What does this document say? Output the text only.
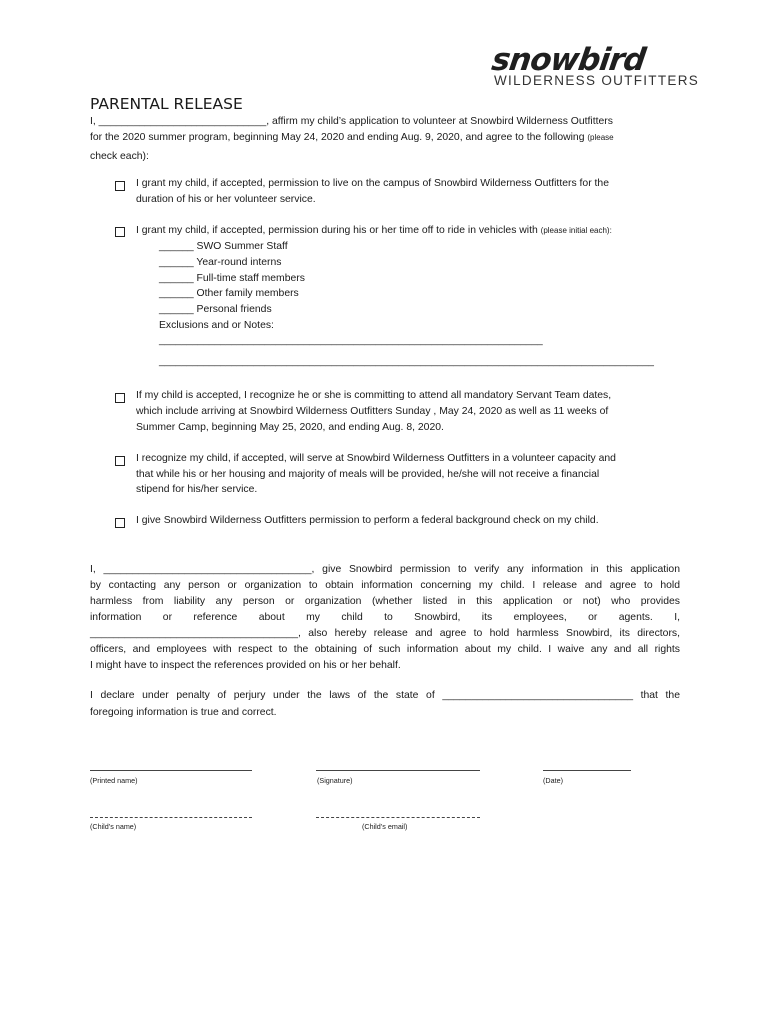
snowbird
WILDERNESS OUTFITTERS
PARENTAL RELEASE
I, _____________________________, affirm my child’s application to volunteer at Snowbird Wilderness Outfitters
for the 2020 summer program, beginning May 24, 2020 and ending Aug. 9, 2020, and agree to the following (please
check each):
I grant my child, if accepted, permission to live on the campus of Snowbird Wilderness Outfitters for the
duration of his or her volunteer service.
I grant my child, if accepted, permission during his or her time off to ride in vehicles with (please initial each):
______ SWO Summer Staff
______ Year-round interns
______ Full-time staff members
______ Other family members
______ Personal friends
Exclusions and or Notes:
_____________________________________________________________________
_________________________________________________________________________________________
If my child is accepted, I recognize he or she is committing to attend all mandatory Servant Team dates,
which include arriving at Snowbird Wilderness Outfitters Sunday , May 24, 2020 as well as 11 weeks of
Summer Camp, beginning May 25, 2020, and ending Aug. 8, 2020.
I recognize my child, if accepted, will serve at Snowbird Wilderness Outfitters in a volunteer capacity and
that while his or her housing and majority of meals will be provided, he/she will not receive a financial
stipend for his/her service.
I give Snowbird Wilderness Outfitters permission to perform a federal background check on my child.
I, ____________________________________, give Snowbird permission to verify any information in this application
by contacting any person or organization to obtain information concerning my child. I release and agree to hold
harmless from liability any person or organization (whether listed in this application or not) who provides
information or reference about my child to Snowbird, its employees, or agents. I,
____________________________________, also hereby release and agree to hold harmless Snowbird, its directors,
officers, and employees with respect to the obtaining of such information about my child. I waive any and all rights
I might have to inspect the references provided on his or her behalf.
I declare under penalty of perjury under the laws of the state of _________________________________ that the
foregoing information is true and correct.
(Printed name)	(Signature)	(Date)
(Child’s name)	(Child’s email)
